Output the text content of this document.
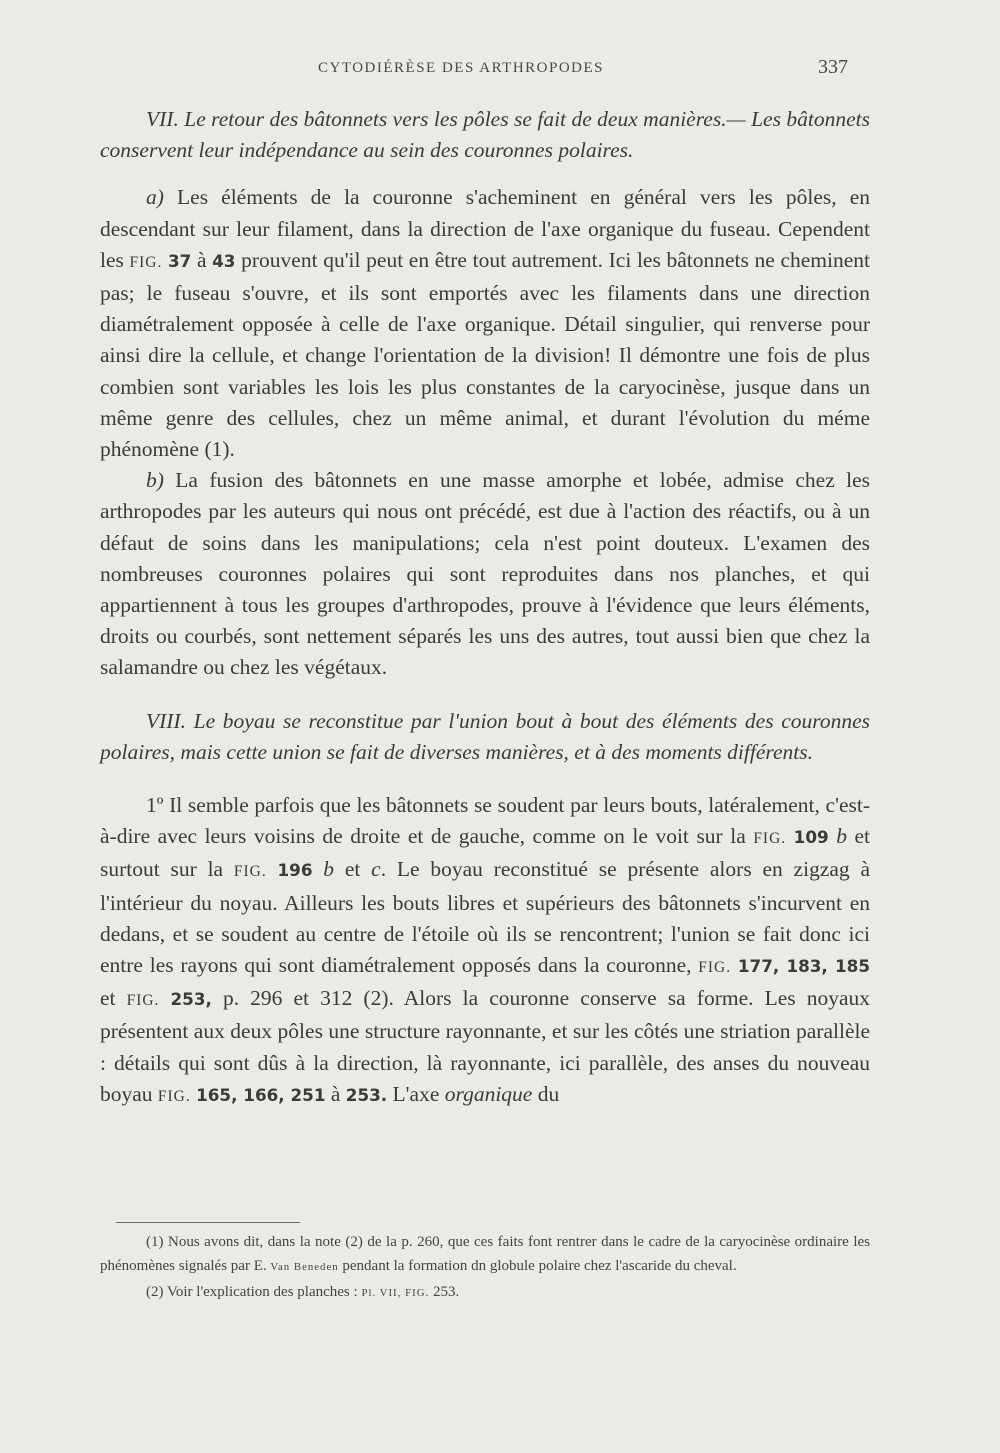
CYTODIÉRÈSE DES ARTHROPODES	337

VII. Le retour des bâtonnets vers les pôles se fait de deux manières.— Les bâtonnets conservent leur indépendance au sein des couronnes polaires.

a) Les éléments de la couronne s'acheminent en général vers les pôles, en descendant sur leur filament, dans la direction de l'axe organique du fuseau. Cependent les FIG. 37 à 43 prouvent qu'il peut en être tout autrement. Ici les bâtonnets ne cheminent pas; le fuseau s'ouvre, et ils sont emportés avec les filaments dans une direction diamétralement opposée à celle de l'axe organique. Détail singulier, qui renverse pour ainsi dire la cellule, et change l'orientation de la division! Il démontre une fois de plus combien sont variables les lois les plus constantes de la caryocinèse, jusque dans un même genre des cellules, chez un même animal, et durant l'évolution du méme phénomène (1).

b) La fusion des bâtonnets en une masse amorphe et lobée, admise chez les arthropodes par les auteurs qui nous ont précédé, est due à l'action des réactifs, ou à un défaut de soins dans les manipulations; cela n'est point douteux. L'examen des nombreuses couronnes polaires qui sont reproduites dans nos planches, et qui appartiennent à tous les groupes d'arthropodes, prouve à l'évidence que leurs éléments, droits ou courbés, sont nettement séparés les uns des autres, tout aussi bien que chez la salamandre ou chez les végétaux.

VIII. Le boyau se reconstitue par l'union bout à bout des éléments des couronnes polaires, mais cette union se fait de diverses manières, et à des moments différents.

1º Il semble parfois que les bâtonnets se soudent par leurs bouts, latéralement, c'est-à-dire avec leurs voisins de droite et de gauche, comme on le voit sur la FIG. 109 b et surtout sur la FIG. 196 b et c. Le boyau reconstitué se présente alors en zigzag à l'intérieur du noyau. Ailleurs les bouts libres et supérieurs des bâtonnets s'incurvent en dedans, et se soudent au centre de l'étoile où ils se rencontrent; l'union se fait donc ici entre les rayons qui sont diamétralement opposés dans la couronne, FIG. 177, 183, 185 et FIG. 253, p. 296 et 312 (2). Alors la couronne conserve sa forme. Les noyaux présentent aux deux pôles une structure rayonnante, et sur les côtés une striation parallèle : détails qui sont dûs à la direction, là rayonnante, ici parallèle, des anses du nouveau boyau FIG. 165, 166, 251 à 253. L'axe organique du

(1) Nous avons dit, dans la note (2) de la p. 260, que ces faits font rentrer dans le cadre de la caryocinèse ordinaire les phénomènes signalés par E. Van Beneden pendant la formation dn globule polaire chez l'ascaride du cheval.

(2) Voir l'explication des planches : Pl. VII, FIG. 253.
